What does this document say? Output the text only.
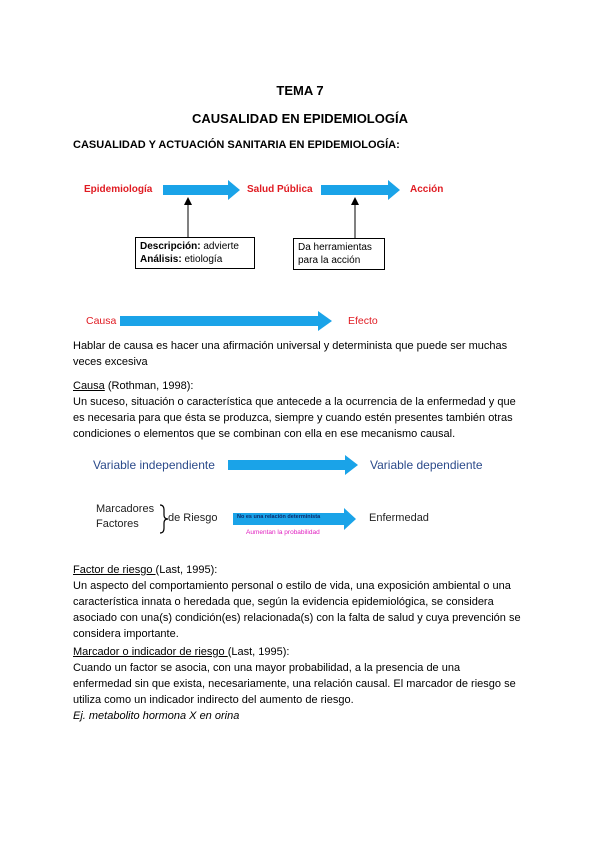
TEMA 7
CAUSALIDAD EN EPIDEMIOLOGÍA
CASUALIDAD Y ACTUACIÓN SANITARIA EN EPIDEMIOLOGÍA:
Epidemiología	Salud Pública	Acción
Descripción: advierte
Análisis: etiología
Da herramientas
para la acción
Causa	Efecto

Hablar de causa es hacer una afirmación universal y determinista que puede ser muchas

veces excesiva

Causa (Rothman, 1998):

Un suceso, situación o característica que antecede a la ocurrencia de la enfermedad y que

es necesaria para que ésta se produzca, siempre y cuando estén presentes también otras

condiciones o elementos que se combinan con ella en ese mecanismo causal.

Variable independiente	Variable dependiente
Marcadores
Factores	de Riesgo	No es una relación determinista
Aumentan la probabilidad
Enfermedad

Factor de riesgo (Last, 1995):

Un aspecto del comportamiento personal o estilo de vida, una exposición ambiental o una

característica innata o heredada que, según la evidencia epidemiológica, se considera

asociado con una(s) condición(es) relacionada(s) con la falta de salud y cuya prevención se

considera importante.

Marcador o indicador de riesgo (Last, 1995):

Cuando un factor se asocia, con una mayor probabilidad, a la presencia de una

enfermedad sin que exista, necesariamente, una relación causal. El marcador de riesgo se

utiliza como un indicador indirecto del aumento de riesgo.

Ej. metabolito hormona X en orina
